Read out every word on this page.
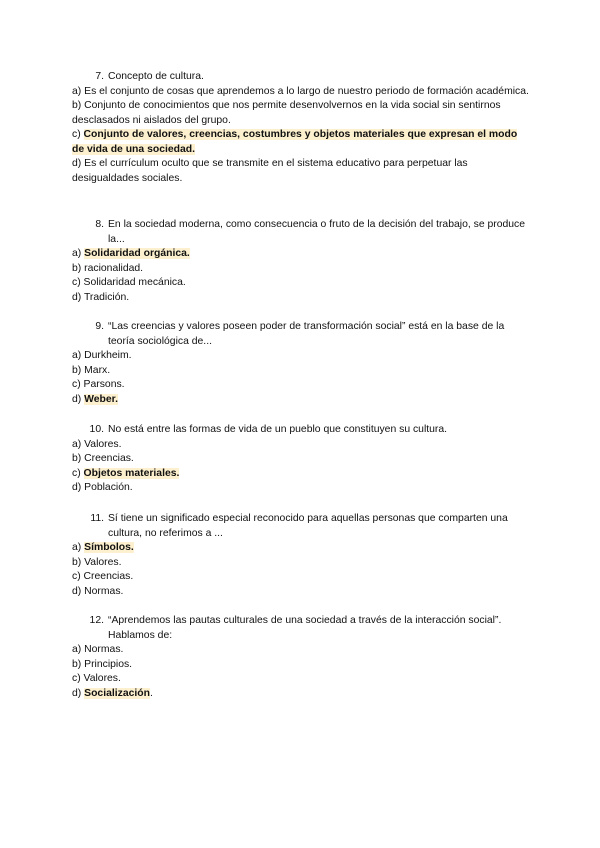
7. Concepto de cultura.

a) Es el conjunto de cosas que aprendemos a lo largo de nuestro periodo de formación académica.

b) Conjunto de conocimientos que nos permite desenvolvernos en la vida social sin sentirnos desclasados ni aislados del grupo.

c) Conjunto de valores, creencias, costumbres y objetos materiales que expresan el modo de vida de una sociedad.

d) Es el currículum oculto que se transmite en el sistema educativo para perpetuar las desigualdades sociales.

8. En la sociedad moderna, como consecuencia o fruto de la decisión del trabajo, se produce la...

a) Solidaridad orgánica.

b) racionalidad.

c) Solidaridad mecánica.

d) Tradición.

9. “Las creencias y valores poseen poder de transformación social” está en la base de la teoría sociológica de...

a) Durkheim.

b) Marx.

c) Parsons.

d) Weber.

10. No está entre las formas de vida de un pueblo que constituyen su cultura.

a) Valores.

b) Creencias.

c) Objetos materiales.

d) Población.

11. Sí tiene un significado especial reconocido para aquellas personas que comparten una cultura, no referimos a ...

a) Símbolos.

b) Valores.

c) Creencias.

d) Normas.

12. “Aprendemos las pautas culturales de una sociedad a través de la interacción social”. Hablamos de:

a) Normas.

b) Principios.

c) Valores.

d) Socialización.
